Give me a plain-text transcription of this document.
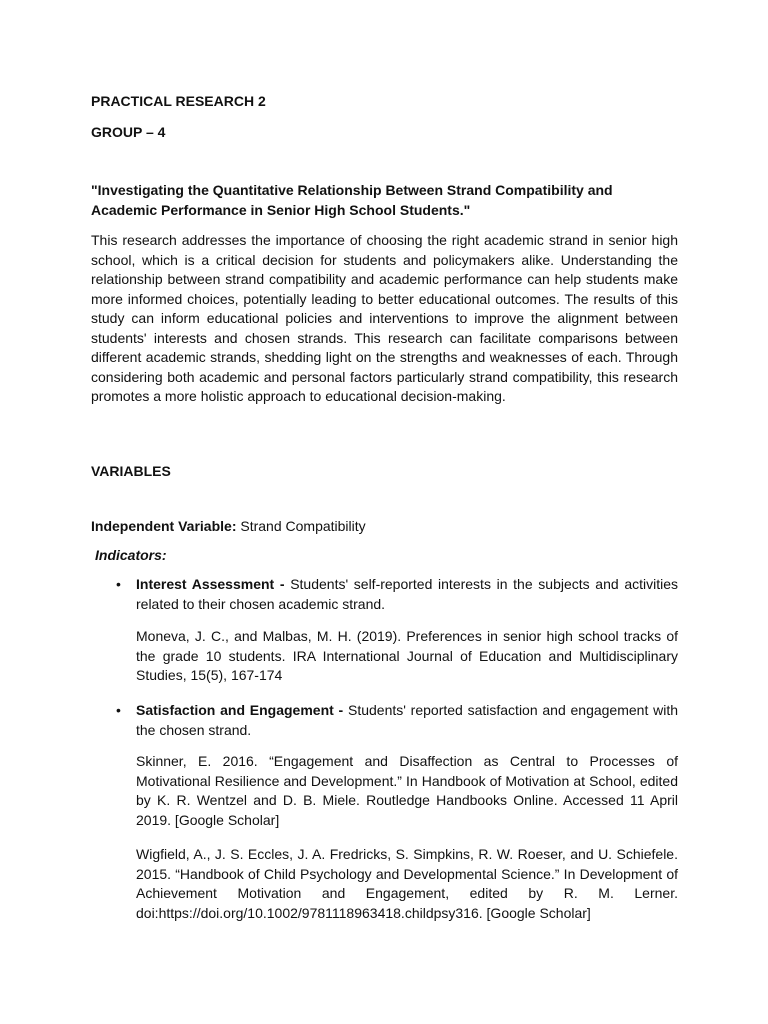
PRACTICAL RESEARCH 2

GROUP – 4

"Investigating the Quantitative Relationship Between Strand Compatibility and Academic Performance in Senior High School Students."

This research addresses the importance of choosing the right academic strand in senior high school, which is a critical decision for students and policymakers alike. Understanding the relationship between strand compatibility and academic performance can help students make more informed choices, potentially leading to better educational outcomes. The results of this study can inform educational policies and interventions to improve the alignment between students' interests and chosen strands. This research can facilitate comparisons between different academic strands, shedding light on the strengths and weaknesses of each. Through considering both academic and personal factors particularly strand compatibility, this research promotes a more holistic approach to educational decision-making.

VARIABLES

Independent Variable: Strand Compatibility

Indicators:

• Interest Assessment - Students' self-reported interests in the subjects and activities related to their chosen academic strand.

Moneva, J. C., and Malbas, M. H. (2019). Preferences in senior high school tracks of the grade 10 students. IRA International Journal of Education and Multidisciplinary Studies, 15(5), 167-174

• Satisfaction and Engagement - Students' reported satisfaction and engagement with the chosen strand.

Skinner, E. 2016. “Engagement and Disaffection as Central to Processes of Motivational Resilience and Development.” In Handbook of Motivation at School, edited by K. R. Wentzel and D. B. Miele. Routledge Handbooks Online. Accessed 11 April 2019. [Google Scholar]

Wigfield, A., J. S. Eccles, J. A. Fredricks, S. Simpkins, R. W. Roeser, and U. Schiefele. 2015. “Handbook of Child Psychology and Developmental Science.” In Development of Achievement Motivation and Engagement, edited by R. M. Lerner. doi:https://doi.org/10.1002/9781118963418.childpsy316. [Google Scholar]
